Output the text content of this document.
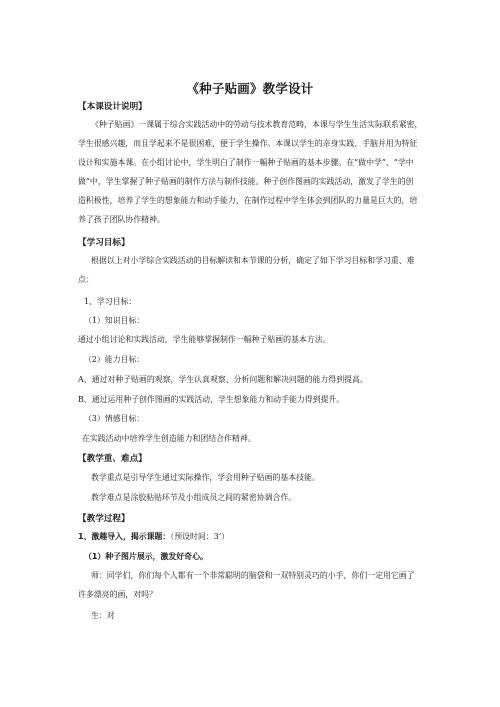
《种子贴画》教学设计
【本课设计说明】
《种子贴画》一课属于综合实践活动中的劳动与技术教育范畴，本课与学生生活实际联系紧密，
学生很感兴趣，而且学起来不是很困难，便于学生操作。本课以学生的亲身实践、手脑并用为特征
设计和实施本课。在小组讨论中，学生明白了制作一幅种子贴画的基本步骤。在“做中学”、“学中
做”中，学生掌握了种子贴画的制作方法与制作技能。种子创作图画的实践活动，激发了学生的创
造积极性，培养了学生的想象能力和动手能力，在制作过程中学生体会到团队的力量是巨大的，培
养了孩子团队协作精神。
【学习目标】
根据以上对小学综合实践活动的目标解读和本节课的分析，确定了如下学习目标和学习重、难
点：
1、学习目标：
（1）知识目标：
通过小组讨论和实践活动，学生能够掌握制作一幅种子贴画的基本方法。
（2）能力目标：
A、通过对种子贴画的观察，学生认真观察、分析问题和解决问题的能力得到提高。
B、通过运用种子创作图画的实践活动，学生想象能力和动手能力得到提升。
（3）情感目标：
在实践活动中培养学生创造能力和团结合作精神。
【教学重、难点】
教学重点是引导学生通过实际操作，学会用种子贴画的基本技能。
教学难点是涂胶粘贴环节及小组成员之间的紧密协调合作。
【教学过程】
1、激趣导入，揭示课题：（预设时间：3’）
（1）种子图片展示，激发好奇心。
师：同学们，你们每个人都有一个非常聪明的脑袋和一双特别灵巧的小手，你们一定用它画了
许多漂亮的画，对吗？
生：对
